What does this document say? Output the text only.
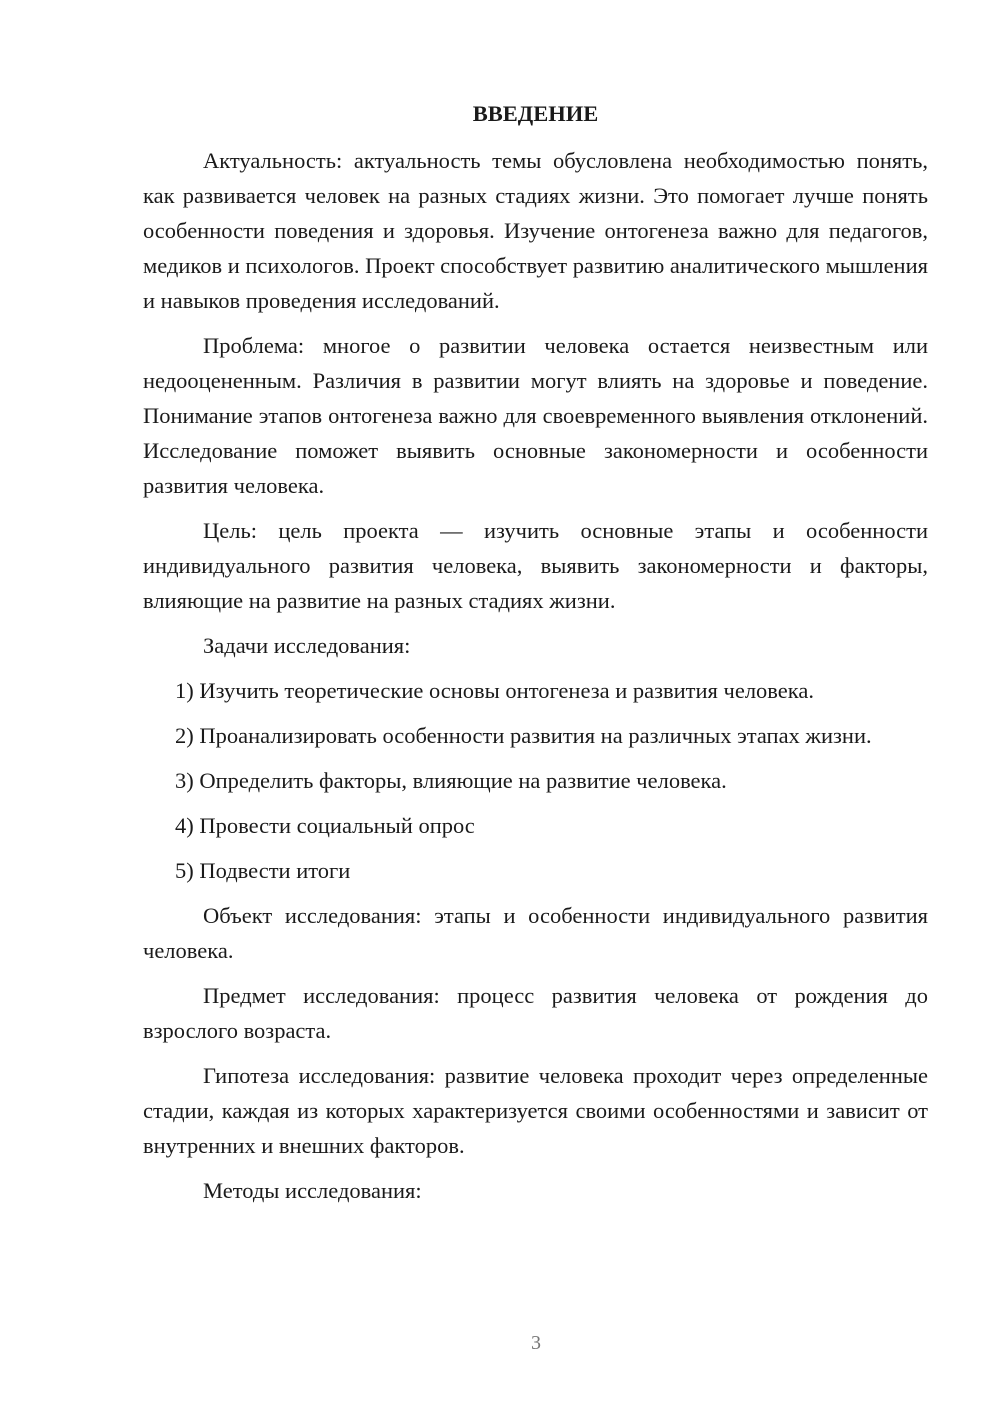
ВВЕДЕНИЕ

Актуальность: актуальность темы обусловлена необходимостью понять, как развивается человек на разных стадиях жизни. Это помогает лучше понять особенности поведения и здоровья. Изучение онтогенеза важно для педагогов, медиков и психологов. Проект способствует развитию аналитического мышления и навыков проведения исследований.

Проблема: многое о развитии человека остается неизвестным или недооцененным. Различия в развитии могут влиять на здоровье и поведение. Понимание этапов онтогенеза важно для своевременного выявления отклонений. Исследование поможет выявить основные закономерности и особенности развития человека.

Цель: цель проекта — изучить основные этапы и особенности индивидуального развития человека, выявить закономерности и факторы, влияющие на развитие на разных стадиях жизни.

Задачи исследования:

1) Изучить теоретические основы онтогенеза и развития человека.

2) Проанализировать особенности развития на различных этапах жизни.

3) Определить факторы, влияющие на развитие человека.

4) Провести социальный опрос

5) Подвести итоги

Объект исследования: этапы и особенности индивидуального развития человека.

Предмет исследования: процесс развития человека от рождения до взрослого возраста.

Гипотеза исследования: развитие человека проходит через определенные стадии, каждая из которых характеризуется своими особенностями и зависит от внутренних и внешних факторов.

Методы исследования:

3
